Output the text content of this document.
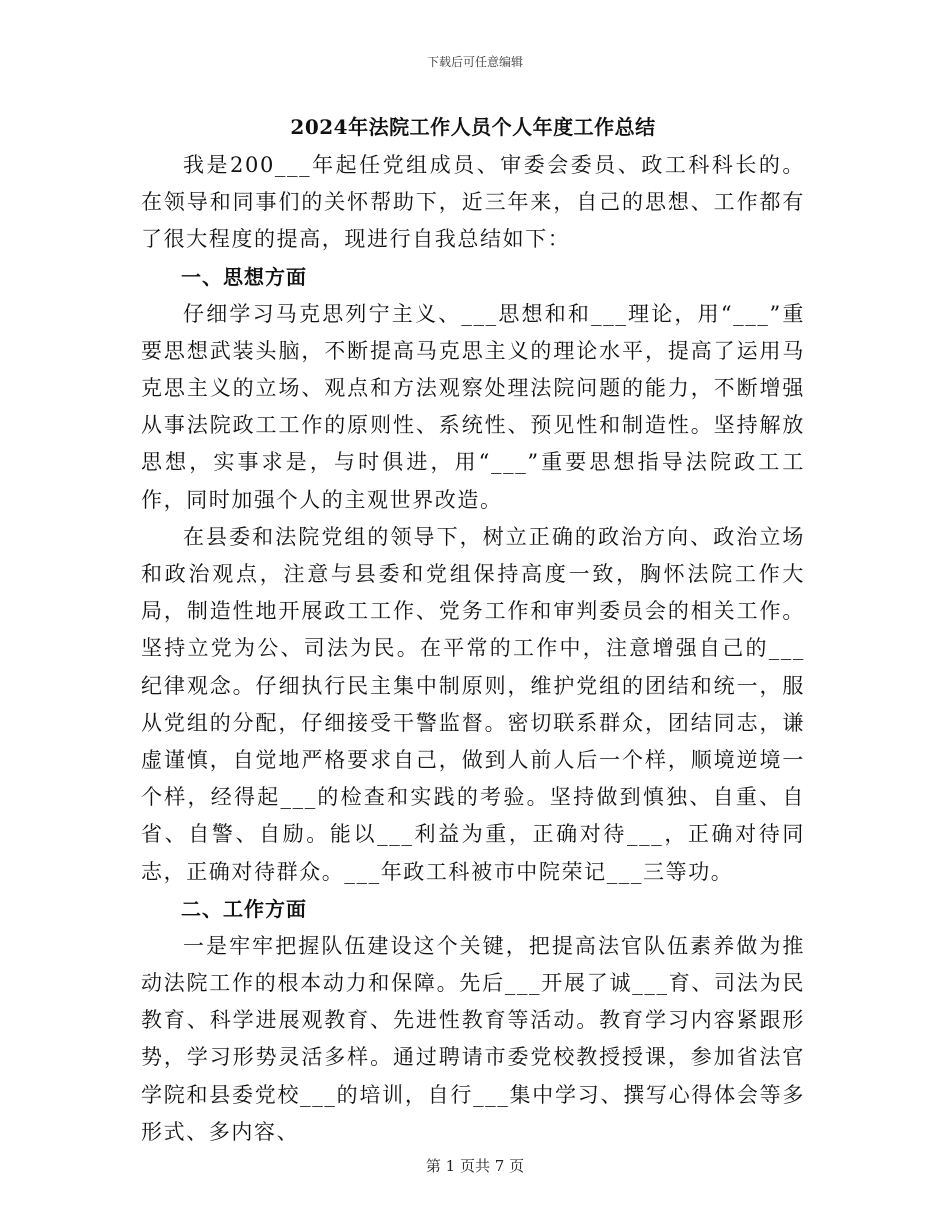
下载后可任意编辑
2024年法院工作人员个人年度工作总结

我是200___年起任党组成员、审委会委员、政工科科长的。在领导和同事们的关怀帮助下，近三年来，自己的思想、工作都有了很大程度的提高，现进行自我总结如下：

一、思想方面

仔细学习马克思列宁主义、___思想和和___理论，用“___”重要思想武装头脑，不断提高马克思主义的理论水平，提高了运用马克思主义的立场、观点和方法观察处理法院问题的能力，不断增强从事法院政工工作的原则性、系统性、预见性和制造性。坚持解放思想，实事求是，与时俱进，用“___”重要思想指导法院政工工作，同时加强个人的主观世界改造。

在县委和法院党组的领导下，树立正确的政治方向、政治立场和政治观点，注意与县委和党组保持高度一致，胸怀法院工作大局，制造性地开展政工工作、党务工作和审判委员会的相关工作。坚持立党为公、司法为民。在平常的工作中，注意增强自己的___纪律观念。仔细执行民主集中制原则，维护党组的团结和统一，服从党组的分配，仔细接受干警监督。密切联系群众，团结同志，谦虚谨慎，自觉地严格要求自己，做到人前人后一个样，顺境逆境一个样，经得起___的检查和实践的考验。坚持做到慎独、自重、自省、自警、自励。能以___利益为重，正确对待___，正确对待同志，正确对待群众。___年政工科被市中院荣记___三等功。

二、工作方面

一是牢牢把握队伍建设这个关键，把提高法官队伍素养做为推动法院工作的根本动力和保障。先后___开展了诚___育、司法为民教育、科学进展观教育、先进性教育等活动。教育学习内容紧跟形势，学习形势灵活多样。通过聘请市委党校教授授课，参加省法官学院和县委党校___的培训，自行___集中学习、撰写心得体会等多形式、多内容、

第 1 页共 7 页
